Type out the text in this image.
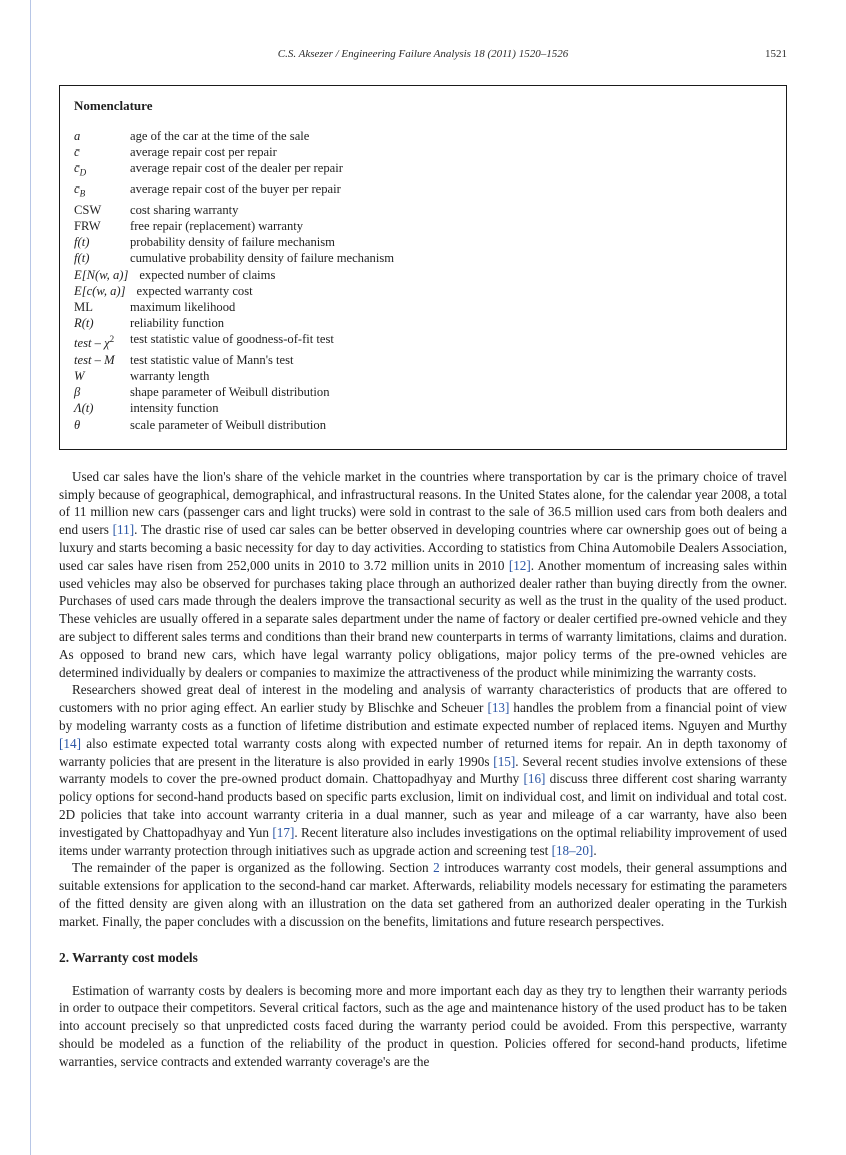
C.S. Aksezer / Engineering Failure Analysis 18 (2011) 1520–1526	1521
Nomenclature
a	age of the car at the time of the sale
c̄	average repair cost per repair
$c̄_D$	average repair cost of the dealer per repair
$c̄_B$	average repair cost of the buyer per repair
CSW	cost sharing warranty
FRW	free repair (replacement) warranty
f(t)	probability density of failure mechanism
f(t)	cumulative probability density of failure mechanism
E[N(w, a)] expected number of claims
E[c(w, a)] expected warranty cost
ML	maximum likelihood
R(t)	reliability function
test – $\chi^2$	test statistic value of goodness-of-fit test
test – M	test statistic value of Mann's test
W	warranty length
β	shape parameter of Weibull distribution
Λ(t)	intensity function
θ	scale parameter of Weibull distribution

Used car sales have the lion's share of the vehicle market in the countries where transportation by car is the primary choice of travel simply because of geographical, demographical, and infrastructural reasons. In the United States alone, for the calendar year 2008, a total of 11 million new cars (passenger cars and light trucks) were sold in contrast to the sale of 36.5 million used cars from both dealers and end users [11]. The drastic rise of used car sales can be better observed in developing countries where car ownership goes out of being a luxury and starts becoming a basic necessity for day to day activities. According to statistics from China Automobile Dealers Association, used car sales have risen from 252,000 units in 2010 to 3.72 million units in 2010 [12]. Another momentum of increasing sales within used vehicles may also be observed for purchases taking place through an authorized dealer rather than buying directly from the owner. Purchases of used cars made through the dealers improve the transactional security as well as the trust in the quality of the used product. These vehicles are usually offered in a separate sales department under the name of factory or dealer certified pre-owned vehicle and they are subject to different sales terms and conditions than their brand new counterparts in terms of warranty limitations, claims and duration. As opposed to brand new cars, which have legal warranty policy obligations, major policy terms of the pre-owned vehicles are determined individually by dealers or companies to maximize the attractiveness of the product while minimizing the warranty costs.

Researchers showed great deal of interest in the modeling and analysis of warranty characteristics of products that are offered to customers with no prior aging effect. An earlier study by Blischke and Scheuer [13] handles the problem from a financial point of view by modeling warranty costs as a function of lifetime distribution and estimate expected number of replaced items. Nguyen and Murthy [14] also estimate expected total warranty costs along with expected number of returned items for repair. An in depth taxonomy of warranty policies that are present in the literature is also provided in early 1990s [15]. Several recent studies involve extensions of these warranty models to cover the pre-owned product domain. Chattopadhyay and Murthy [16] discuss three different cost sharing warranty policy options for second-hand products based on specific parts exclusion, limit on individual cost, and limit on individual and total cost. 2D policies that take into account warranty criteria in a dual manner, such as year and mileage of a car warranty, have also been investigated by Chattopadhyay and Yun [17]. Recent literature also includes investigations on the optimal reliability improvement of used items under warranty protection through initiatives such as upgrade action and screening test [18–20].

The remainder of the paper is organized as the following. Section 2 introduces warranty cost models, their general assumptions and suitable extensions for application to the second-hand car market. Afterwards, reliability models necessary for estimating the parameters of the fitted density are given along with an illustration on the data set gathered from an authorized dealer operating in the Turkish market. Finally, the paper concludes with a discussion on the benefits, limitations and future research perspectives.

2. Warranty cost models

Estimation of warranty costs by dealers is becoming more and more important each day as they try to lengthen their warranty periods in order to outpace their competitors. Several critical factors, such as the age and maintenance history of the used product has to be taken into account precisely so that unpredicted costs faced during the warranty period could be avoided. From this perspective, warranty should be modeled as a function of the reliability of the product in question. Policies offered for second-hand products, lifetime warranties, service contracts and extended warranty coverage's are the
